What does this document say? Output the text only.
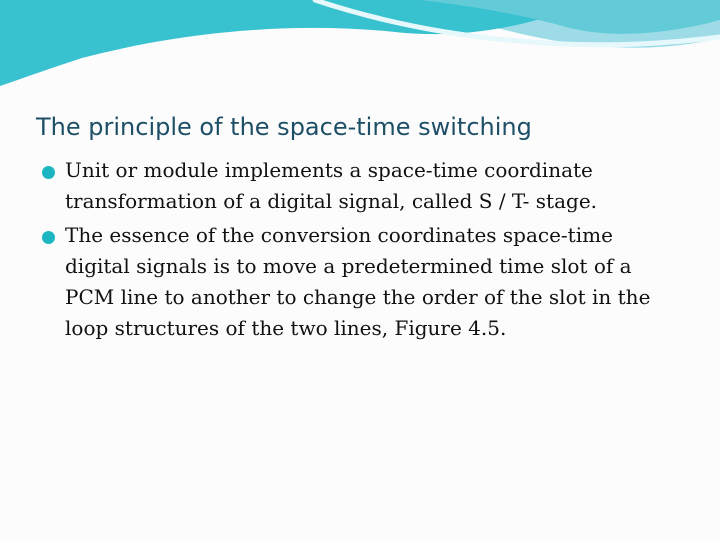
The principle of the space-time switching
Unit or module implements a space-time coordinate transformation of a digital signal, called S / T- stage.
The essence of the conversion coordinates space-time digital signals is to move a predetermined time slot of a PCM line to another to change the order of the slot in the loop structures of the two lines, Figure 4.5.
